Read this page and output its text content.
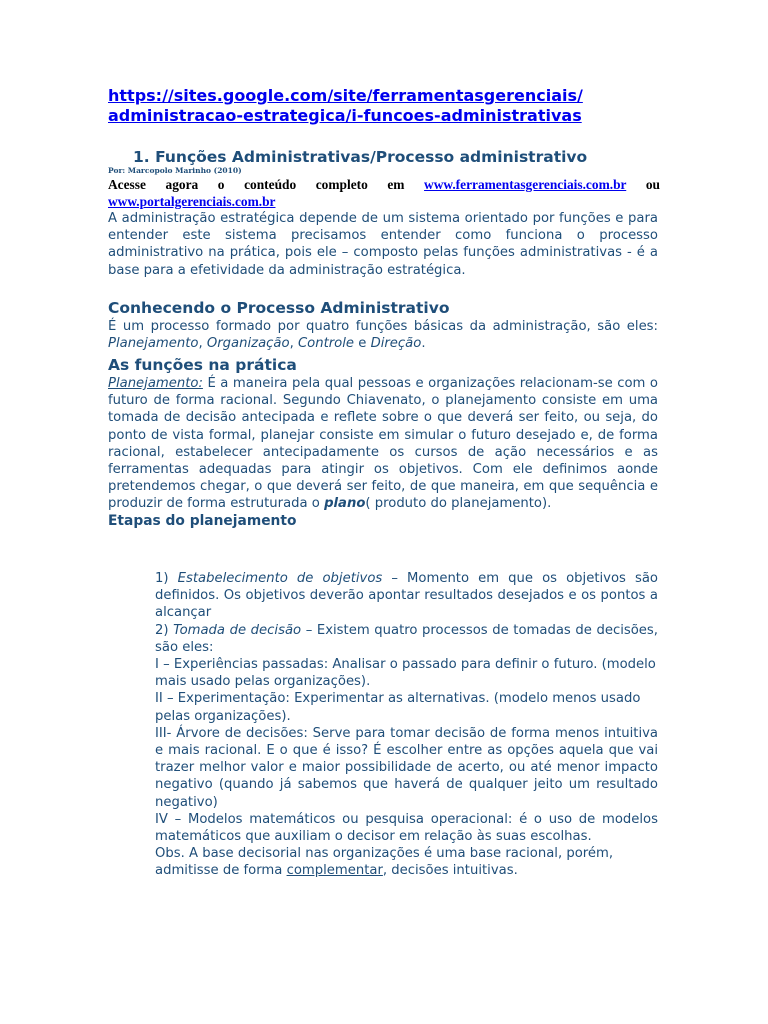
https://sites.google.com/site/ferramentasgerenciais/
administracao-estrategica/i-funcoes-administrativas
1. Funções Administrativas/Processo administrativo
Por: Marcopolo Marinho (2010)
Acesse agora o conteúdo completo em www.ferramentasgerenciais.com.br ou www.portalgerenciais.com.br

A administração estratégica depende de um sistema orientado por funções e para entender este sistema precisamos entender como funciona o processo administrativo na prática, pois ele – composto pelas funções administrativas - é a base para a efetividade da administração estratégica.

Conhecendo o Processo Administrativo

É um processo formado por quatro funções básicas da administração, são eles: Planejamento, Organização, Controle e Direção.

As funções na prática

Planejamento: É a maneira pela qual pessoas e organizações relacionam-se com o futuro de forma racional. Segundo Chiavenato, o planejamento consiste em uma tomada de decisão antecipada e reflete sobre o que deverá ser feito, ou seja, do ponto de vista formal, planejar consiste em simular o futuro desejado e, de forma racional, estabelecer antecipadamente os cursos de ação necessários e as ferramentas adequadas para atingir os objetivos. Com ele definimos aonde pretendemos chegar, o que deverá ser feito, de que maneira, em que sequência e produzir de forma estruturada o plano( produto do planejamento).

Etapas do planejamento

1) Estabelecimento de objetivos – Momento em que os objetivos são definidos. Os objetivos deverão apontar resultados desejados e os pontos a alcançar

2) Tomada de decisão – Existem quatro processos de tomadas de decisões, são eles:

I – Experiências passadas: Analisar o passado para definir o futuro. (modelo mais usado pelas organizações).

II – Experimentação: Experimentar as alternativas. (modelo menos usado pelas organizações).

III- Árvore de decisões: Serve para tomar decisão de forma menos intuitiva e mais racional. E o que é isso? É escolher entre as opções aquela que vai trazer melhor valor e maior possibilidade de acerto, ou até menor impacto negativo (quando já sabemos que haverá de qualquer jeito um resultado negativo)

IV – Modelos matemáticos ou pesquisa operacional: é o uso de modelos matemáticos que auxiliam o decisor em relação às suas escolhas.

Obs. A base decisorial nas organizações é uma base racional, porém, admitisse de forma complementar, decisões intuitivas.
